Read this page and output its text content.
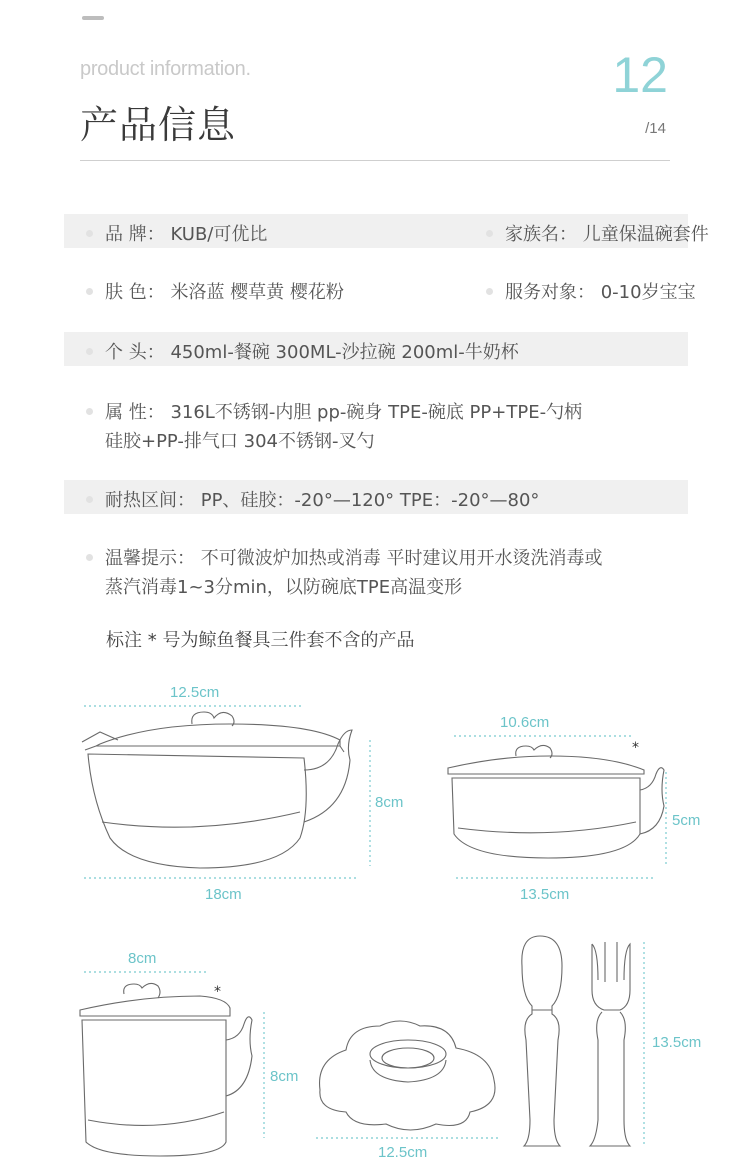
product information.
产品信息
12
/14
品 牌： KUB/可优比	家族名： 儿童保温碗套件
肤 色： 米洛蓝 樱草黄 樱花粉	服务对象： 0-10岁宝宝
个 头： 450ml-餐碗 300ML-沙拉碗 200ml-牛奶杯
属 性： 316L不锈钢-内胆 pp-碗身 TPE-碗底 PP+TPE-勺柄
硅胶+PP-排气口 304不锈钢-叉勺
耐热区间： PP、硅胶：-20°—120° TPE：-20°—80°
温馨提示： 不可微波炉加热或消毒 平时建议用开水烫洗消毒或
蒸汽消毒1~3分min，以防碗底TPE高温变形
标注 * 号为鲸鱼餐具三件套不含的产品
12.5cm
8cm
18cm
10.6cm
5cm
13.5cm
8cm
8cm
12.5cm
13.5cm
*
*
